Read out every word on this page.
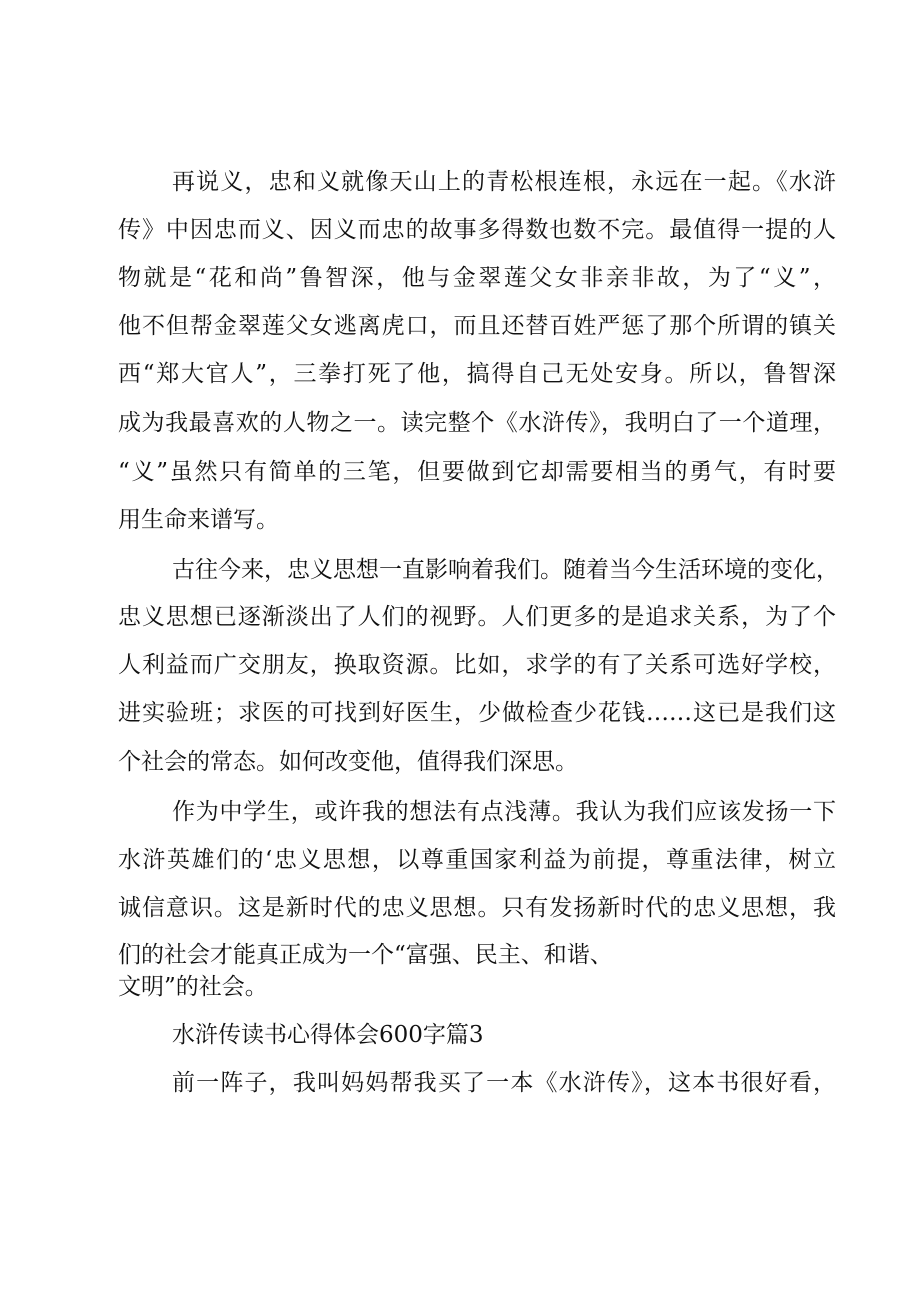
再说义，忠和义就像天山上的青松根连根，永远在一起。《水浒
传》中因忠而义、因义而忠的故事多得数也数不完。最值得一提的人
物就是“花和尚”鲁智深，他与金翠莲父女非亲非故，为了“义”，
他不但帮金翠莲父女逃离虎口，而且还替百姓严惩了那个所谓的镇关
西“郑大官人”，三拳打死了他，搞得自己无处安身。所以，鲁智深
成为我最喜欢的人物之一。读完整个《水浒传》，我明白了一个道理，
“义”虽然只有简单的三笔，但要做到它却需要相当的勇气，有时要
用生命来谱写。
古往今来，忠义思想一直影响着我们。随着当今生活环境的变化，
忠义思想已逐渐淡出了人们的视野。人们更多的是追求关系，为了个
人利益而广交朋友，换取资源。比如，求学的有了关系可选好学校，
进实验班；求医的可找到好医生，少做检查少花钱……这已是我们这
个社会的常态。如何改变他，值得我们深思。
作为中学生，或许我的想法有点浅薄。我认为我们应该发扬一下
水浒英雄们的‘忠义思想，以尊重国家利益为前提，尊重法律，树立
诚信意识。这是新时代的忠义思想。只有发扬新时代的忠义思想，我
们的社会才能真正成为一个“富强、民主、和谐、
文明”的社会。
水浒传读书心得体会600字篇3
前一阵子，我叫妈妈帮我买了一本《水浒传》，这本书很好看，
